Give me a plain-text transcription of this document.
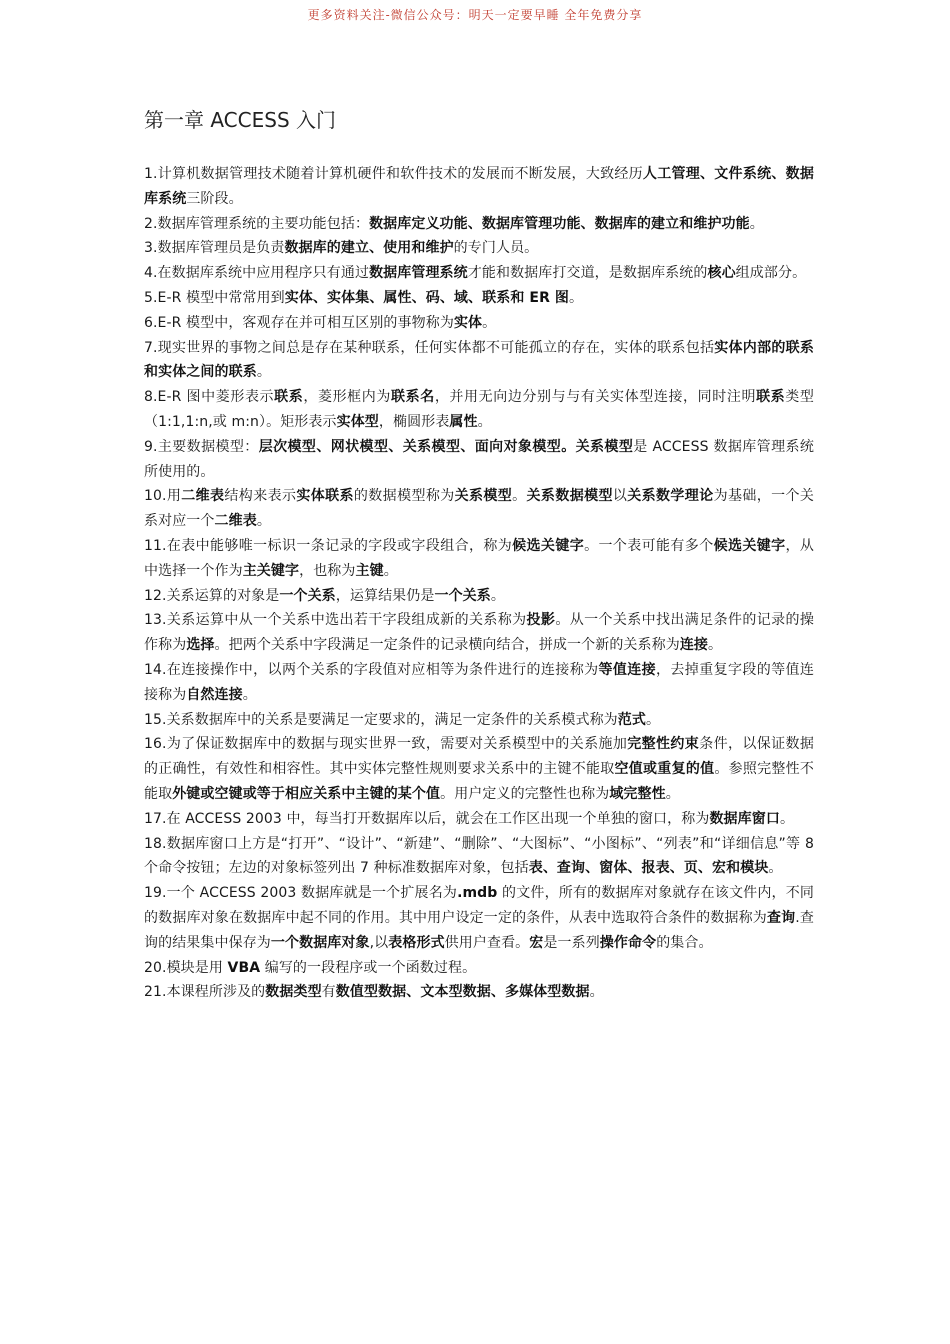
更多资料关注-微信公众号：明天一定要早睡 全年免费分享
第一章 ACCESS 入门

1.计算机数据管理技术随着计算机硬件和软件技术的发展而不断发展，大致经历人工管理、文件系统、数据库系统三阶段。

2.数据库管理系统的主要功能包括：数据库定义功能、数据库管理功能、数据库的建立和维护功能。

3.数据库管理员是负责数据库的建立、使用和维护的专门人员。

4.在数据库系统中应用程序只有通过数据库管理系统才能和数据库打交道，是数据库系统的核心组成部分。

5.E-R 模型中常常用到实体、实体集、属性、码、域、联系和 ER 图。

6.E-R 模型中，客观存在并可相互区别的事物称为实体。

7.现实世界的事物之间总是存在某种联系，任何实体都不可能孤立的存在，实体的联系包括实体内部的联系和实体之间的联系。

8.E-R 图中菱形表示联系，菱形框内为联系名，并用无向边分别与与有关实体型连接，同时注明联系类型（1:1,1:n,或 m:n）。矩形表示实体型，椭圆形表属性。

9.主要数据模型：层次模型、网状模型、关系模型、面向对象模型。关系模型是 ACCESS 数据库管理系统所使用的。

10.用二维表结构来表示实体联系的数据模型称为关系模型。关系数据模型以关系数学理论为基础，一个关系对应一个二维表。

11.在表中能够唯一标识一条记录的字段或字段组合，称为候选关键字。一个表可能有多个候选关键字，从中选择一个作为主关键字，也称为主键。

12.关系运算的对象是一个关系，运算结果仍是一个关系。

13.关系运算中从一个关系中选出若干字段组成新的关系称为投影。从一个关系中找出满足条件的记录的操作称为选择。把两个关系中字段满足一定条件的记录横向结合，拼成一个新的关系称为连接。

14.在连接操作中，以两个关系的字段值对应相等为条件进行的连接称为等值连接，去掉重复字段的等值连接称为自然连接。

15.关系数据库中的关系是要满足一定要求的，满足一定条件的关系模式称为范式。

16.为了保证数据库中的数据与现实世界一致，需要对关系模型中的关系施加完整性约束条件，以保证数据的正确性，有效性和相容性。其中实体完整性规则要求关系中的主键不能取空值或重复的值。参照完整性不能取外键或空键或等于相应关系中主键的某个值。用户定义的完整性也称为域完整性。

17.在 ACCESS 2003 中，每当打开数据库以后，就会在工作区出现一个单独的窗口，称为数据库窗口。

18.数据库窗口上方是“打开”、“设计”、“新建”、“删除”、“大图标”、“小图标”、“列表”和“详细信息”等 8 个命令按钮；左边的对象标签列出 7 种标准数据库对象，包括表、查询、窗体、报表、页、宏和模块。

19.一个 ACCESS 2003 数据库就是一个扩展名为.mdb 的文件，所有的数据库对象就存在该文件内，不同的数据库对象在数据库中起不同的作用。其中用户设定一定的条件，从表中选取符合条件的数据称为查询.查询的结果集中保存为一个数据库对象,以表格形式供用户查看。宏是一系列操作命令的集合。

20.模块是用 VBA 编写的一段程序或一个函数过程。

21.本课程所涉及的数据类型有数值型数据、文本型数据、多媒体型数据。
